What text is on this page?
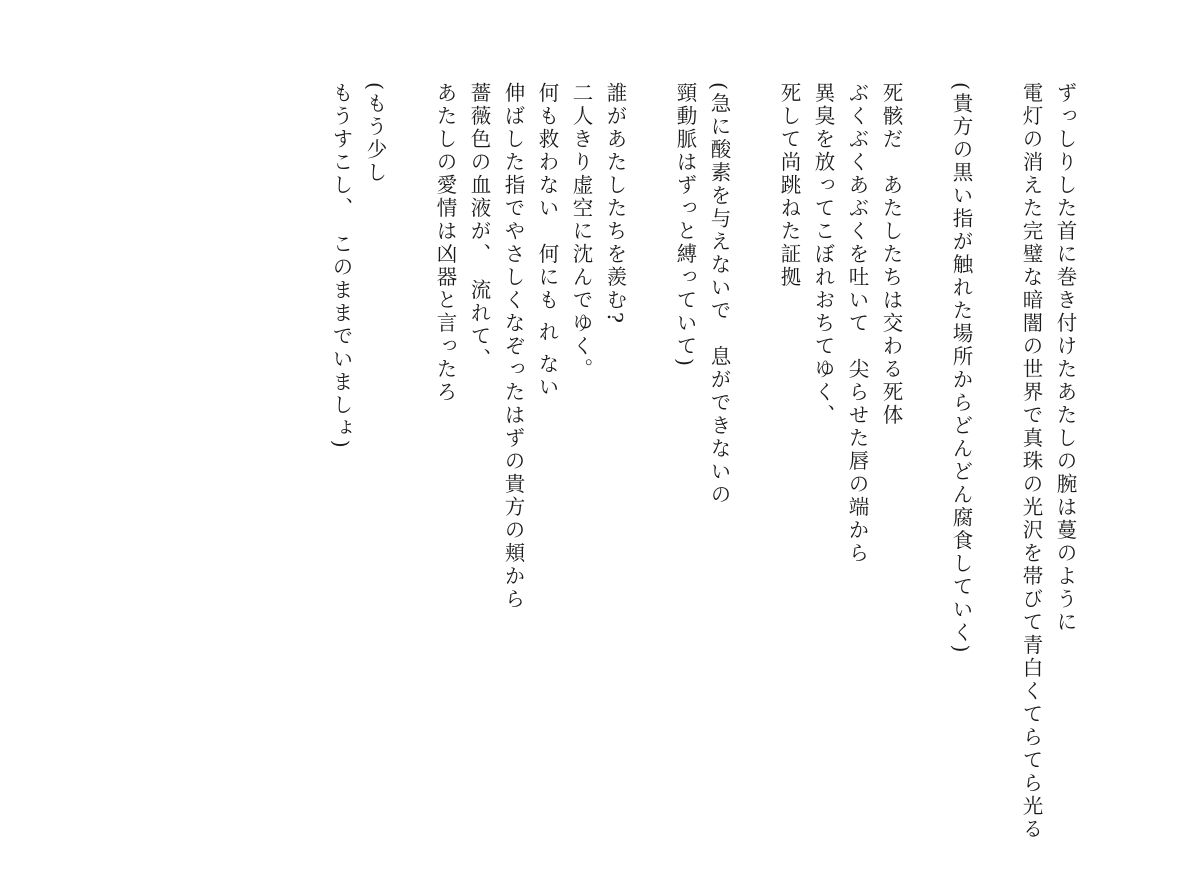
ずっしりした首に巻き付けたあたしの腕は蔓のように
電灯の消えた完璧な暗闇の世界で真珠の光沢を帯びて青白くてらてら光る
(貴方の黒い指が触れた場所からどんどん腐食していく)
死骸だ　あたしたちは交わる死体
ぶくぶくあぶくを吐いて　尖らせた唇の端から
異臭を放ってこぼれおちてゆく、
死して尚跳ねた証拠
(急に酸素を与えないで　息ができないの
頸動脈はずっと縛っていて)
誰があたしたちを羨む?
二人きり虚空に沈んでゆく。
何も救わない　何にも れ ない
伸ばした指でやさしくなぞったはずの貴方の頬から
薔薇色の血液が、　流れて、
あたしの愛情は凶器と言ったろ
(もう少し
もうすこし、　このままでいましょ)
